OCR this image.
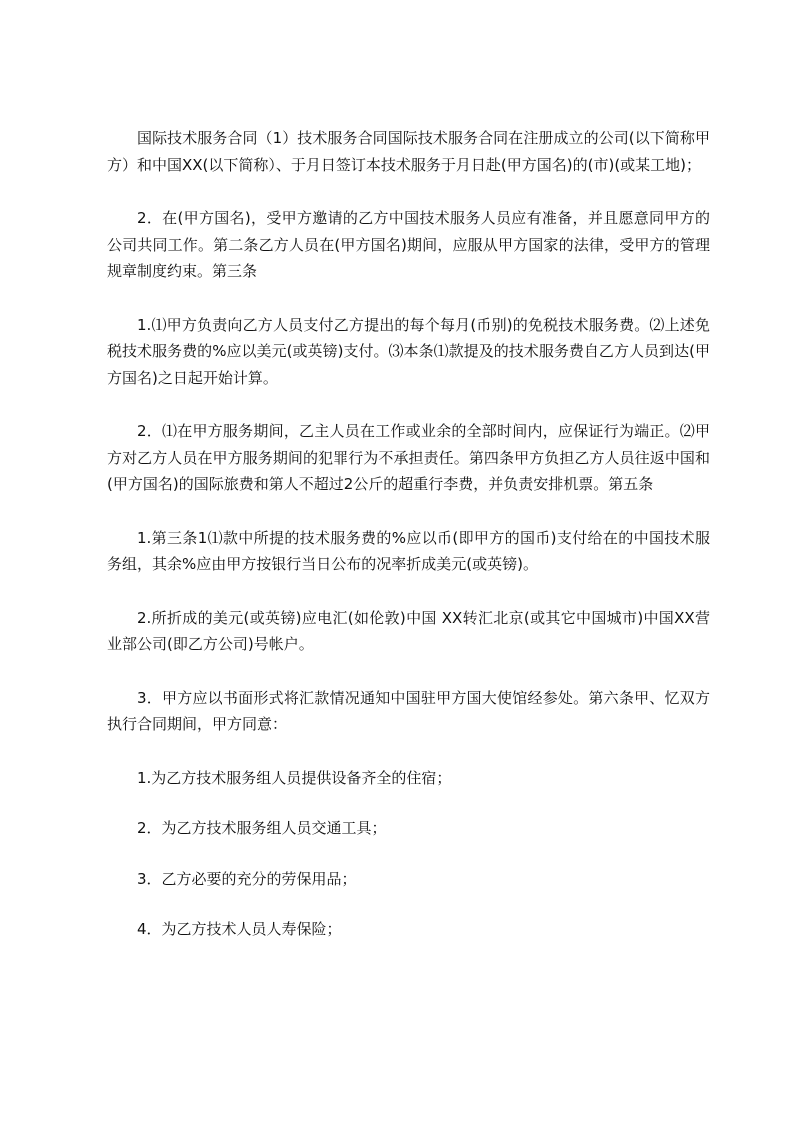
国际技术服务合同（1）技术服务合同国际技术服务合同在注册成立的公司(以下简称甲方）和中国XX(以下简称）、于月日签订本技术服务于月日赴(甲方国名)的(市)(或某工地)；

2．在(甲方国名)，受甲方邀请的乙方中国技术服务人员应有准备，并且愿意同甲方的公司共同工作。第二条乙方人员在(甲方国名)期间，应服从甲方国家的法律，受甲方的管理规章制度约束。第三条

1.⑴甲方负责向乙方人员支付乙方提出的每个每月(币别)的免税技术服务费。⑵上述免税技术服务费的%应以美元(或英镑)支付。⑶本条⑴款提及的技术服务费自乙方人员到达(甲方国名)之日起开始计算。

2．⑴在甲方服务期间，乙主人员在工作或业余的全部时间内，应保证行为端正。⑵甲方对乙方人员在甲方服务期间的犯罪行为不承担责任。第四条甲方负担乙方人员往返中国和(甲方国名)的国际旅费和第人不超过2公斤的超重行李费，并负责安排机票。第五条

1.第三条1⑴款中所提的技术服务费的%应以币(即甲方的国币)支付给在的中国技术服务组，其余%应由甲方按银行当日公布的况率折成美元(或英镑)。

2.所折成的美元(或英镑)应电汇(如伦敦)中国 XX转汇北京(或其它中国城市)中国XX营业部公司(即乙方公司)号帐户。

3．甲方应以书面形式将汇款情况通知中国驻甲方国大使馆经参处。第六条甲、忆双方执行合同期间，甲方同意：

1.为乙方技术服务组人员提供设备齐全的住宿；

2．为乙方技术服务组人员交通工具；

3．乙方必要的充分的劳保用品；

4．为乙方技术人员人寿保险；
